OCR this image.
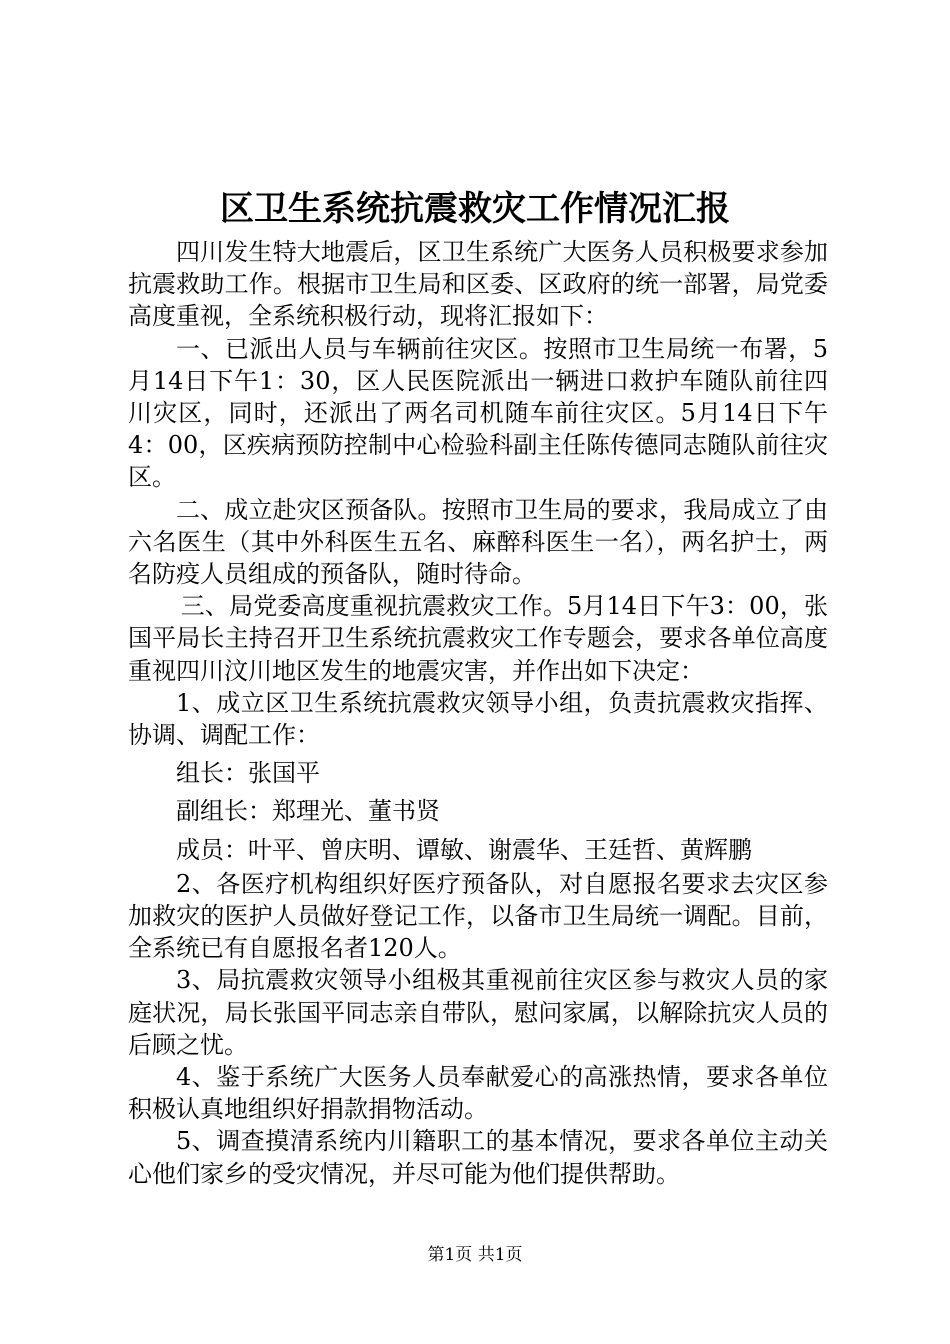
区卫生系统抗震救灾工作情况汇报

四川发生特大地震后，区卫生系统广大医务人员积极要求参加抗震救助工作。根据市卫生局和区委、区政府的统一部署，局党委高度重视，全系统积极行动，现将汇报如下：

一、已派出人员与车辆前往灾区。按照市卫生局统一布署，5月14日下午1：30，区人民医院派出一辆进口救护车随队前往四川灾区，同时，还派出了两名司机随车前往灾区。5月14日下午4：00，区疾病预防控制中心检验科副主任陈传德同志随队前往灾区。

二、成立赴灾区预备队。按照市卫生局的要求，我局成立了由六名医生（其中外科医生五名、麻醉科医生一名），两名护士，两名防疫人员组成的预备队，随时待命。

三、局党委高度重视抗震救灾工作。5月14日下午3：00，张国平局长主持召开卫生系统抗震救灾工作专题会，要求各单位高度重视四川汶川地区发生的地震灾害，并作出如下决定：

1、成立区卫生系统抗震救灾领导小组，负责抗震救灾指挥、协调、调配工作：

组长：张国平

副组长：郑理光、董书贤

成员：叶平、曾庆明、谭敏、谢震华、王廷哲、黄辉鹏

2、各医疗机构组织好医疗预备队，对自愿报名要求去灾区参加救灾的医护人员做好登记工作，以备市卫生局统一调配。目前，全系统已有自愿报名者120人。

3、局抗震救灾领导小组极其重视前往灾区参与救灾人员的家庭状况，局长张国平同志亲自带队，慰问家属，以解除抗灾人员的后顾之忧。

4、鉴于系统广大医务人员奉献爱心的高涨热情，要求各单位积极认真地组织好捐款捐物活动。

5、调查摸清系统内川籍职工的基本情况，要求各单位主动关心他们家乡的受灾情况，并尽可能为他们提供帮助。

第1页 共1页
